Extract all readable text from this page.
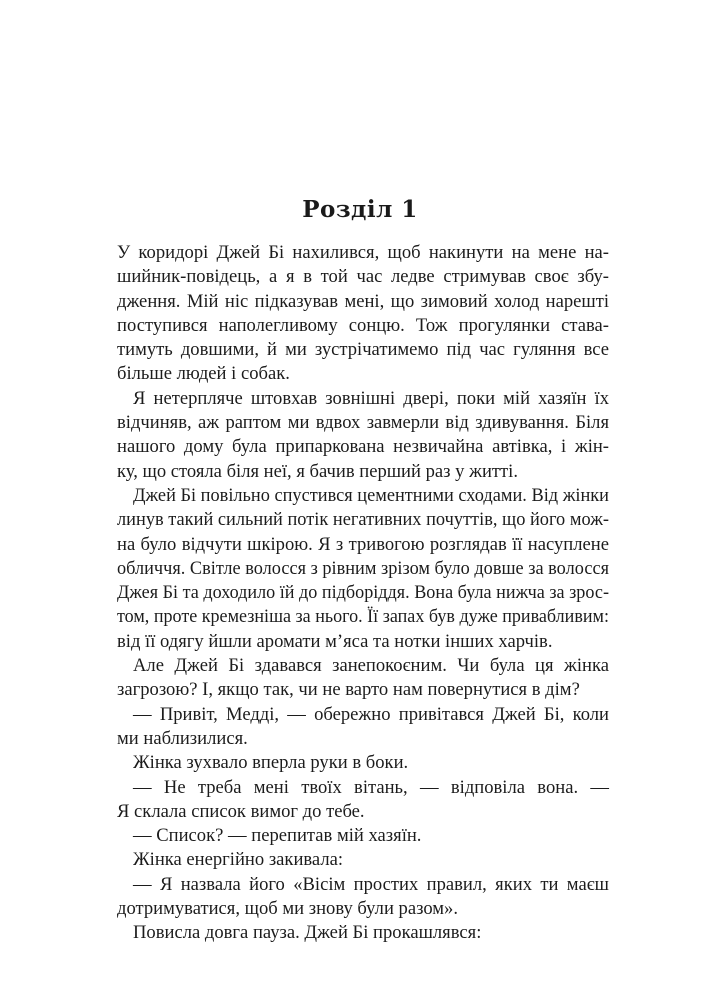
Розділ 1
У коридорі Джей Бі нахилився, щоб накинути на мене на-
шийник-повідець, а я в той час ледве стримував своє збу-
дження. Мій ніс підказував мені, що зимовий холод нарешті
поступився наполегливому сонцю. Тож прогулянки става-
тимуть довшими, й ми зустрічатимемо під час гуляння все
більше людей і собак.
Я нетерпляче штовхав зовнішні двері, поки мій хазяїн їх
відчиняв, аж раптом ми вдвох завмерли від здивування. Біля
нашого дому була припаркована незвичайна автівка, і жін-
ку, що стояла біля неї, я бачив перший раз у житті.
Джей Бі повільно спустився цементними сходами. Від жінки
линув такий сильний потік негативних почуттів, що його мож-
на було відчути шкірою. Я з тривогою розглядав її насуплене
обличчя. Світле волосся з рівним зрізом було довше за волосся
Джея Бі та доходило їй до підборіддя. Вона була нижча за зрос-
том, проте кремезніша за нього. Її запах був дуже привабливим:
від її одягу йшли аромати м’яса та нотки інших харчів.
Але Джей Бі здавався занепокоєним. Чи була ця жінка
загрозою? І, якщо так, чи не варто нам повернутися в дім?
— Привіт, Медді, — обережно привітався Джей Бі, коли
ми наблизилися.
Жінка зухвало вперла руки в боки.
— Не треба мені твоїх вітань, — відповіла вона. —
Я склала список вимог до тебе.
— Список? — перепитав мій хазяїн.
Жінка енергійно закивала:
— Я назвала його «Вісім простих правил, яких ти маєш
дотримуватися, щоб ми знову були разом».
Повисла довга пауза. Джей Бі прокашлявся:
